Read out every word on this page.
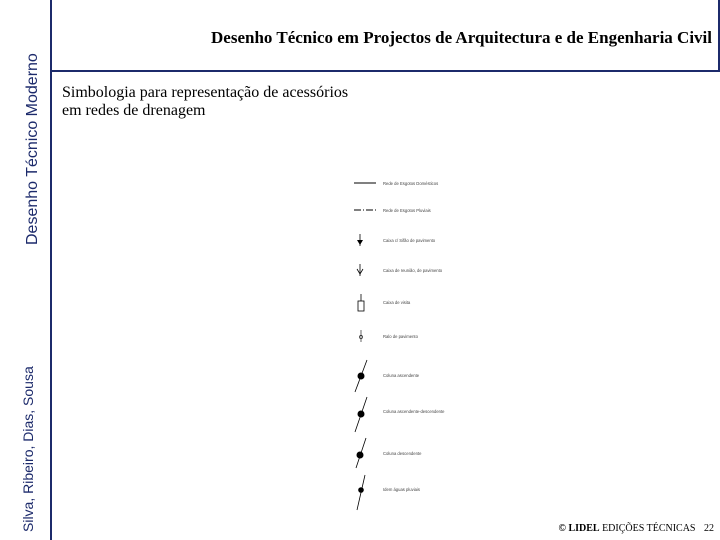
Desenho Técnico Moderno
Silva, Ribeiro, Dias, Sousa
Desenho Técnico em Projectos de Arquitectura e de Engenharia Civil
Simbologia para representação de acessórios
em redes de drenagem
Rede de Esgotos Domésticos
Rede de Esgotos Pluviais
Caixa c/ Sifão de pavimento
Caixa de reunião, de pavimento
Caixa de visita
Ralo de pavimento
Coluna ascendente
Coluna ascendente-descendente
Coluna descendente
Idem águas pluviais
© LIDEL EDIÇÕES TÉCNICAS 22
